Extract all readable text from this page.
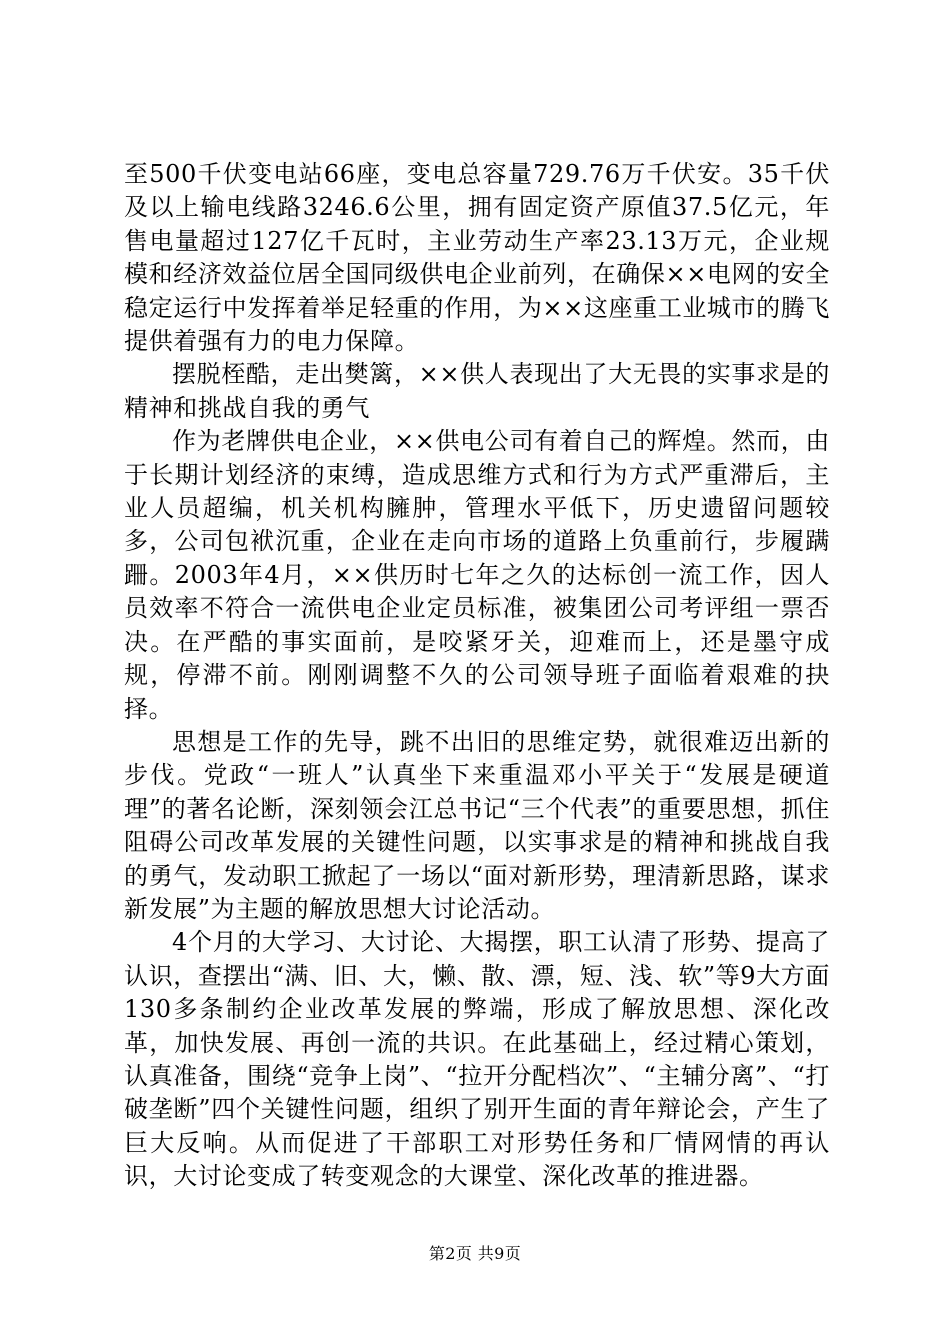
至500千伏变电站66座，变电总容量729.76万千伏安。35千伏及以上输电线路3246.6公里，拥有固定资产原值37.5亿元，年售电量超过127亿千瓦时，主业劳动生产率23.13万元，企业规模和经济效益位居全国同级供电企业前列，在确保××电网的安全稳定运行中发挥着举足轻重的作用，为××这座重工业城市的腾飞提供着强有力的电力保障。

摆脱桎酷，走出樊篱，××供人表现出了大无畏的实事求是的精神和挑战自我的勇气

作为老牌供电企业，××供电公司有着自己的辉煌。然而，由于长期计划经济的束缚，造成思维方式和行为方式严重滞后，主业人员超编，机关机构臃肿，管理水平低下，历史遗留问题较多，公司包袱沉重，企业在走向市场的道路上负重前行，步履蹒跚。2003年4月，××供历时七年之久的达标创一流工作，因人员效率不符合一流供电企业定员标准，被集团公司考评组一票否决。在严酷的事实面前，是咬紧牙关，迎难而上，还是墨守成规，停滞不前。刚刚调整不久的公司领导班子面临着艰难的抉择。

思想是工作的先导，跳不出旧的思维定势，就很难迈出新的步伐。党政“一班人”认真坐下来重温邓小平关于“发展是硬道理”的著名论断，深刻领会江总书记“三个代表”的重要思想，抓住阻碍公司改革发展的关键性问题，以实事求是的精神和挑战自我的勇气，发动职工掀起了一场以“面对新形势，理清新思路，谋求新发展”为主题的解放思想大讨论活动。

4个月的大学习、大讨论、大揭摆，职工认清了形势、提高了认识，查摆出“满、旧、大，懒、散、漂，短、浅、软”等9大方面130多条制约企业改革发展的弊端，形成了解放思想、深化改革，加快发展、再创一流的共识。在此基础上，经过精心策划，认真准备，围绕“竞争上岗”、“拉开分配档次”、“主辅分离”、“打破垄断”四个关键性问题，组织了别开生面的青年辩论会，产生了巨大反响。从而促进了干部职工对形势任务和厂情网情的再认识，大讨论变成了转变观念的大课堂、深化改革的推进器。

第2页 共9页
